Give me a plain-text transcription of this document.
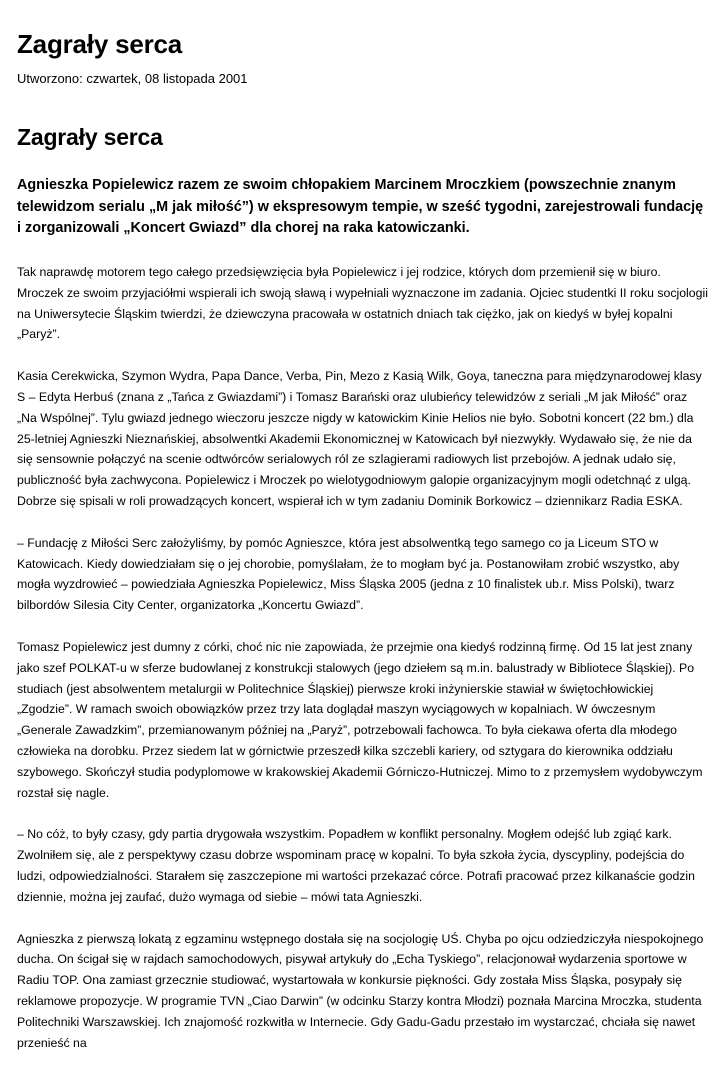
Zagrały serca

Utworzono: czwartek, 08 listopada 2001

Zagrały serca

Agnieszka Popielewicz razem ze swoim chłopakiem Marcinem Mroczkiem (powszechnie znanym telewidzom serialu „M jak miłość”) w ekspresowym tempie, w sześć tygodni, zarejestrowali fundację i zorganizowali „Koncert Gwiazd” dla chorej na raka katowiczanki.

Tak naprawdę motorem tego całego przedsięwzięcia była Popielewicz i jej rodzice, których dom przemienił się w biuro. Mroczek ze swoim przyjaciółmi wspierali ich swoją sławą i wypełniali wyznaczone im zadania. Ojciec studentki II roku socjologii na Uniwersytecie Śląskim twierdzi, że dziewczyna pracowała w ostatnich dniach tak ciężko, jak on kiedyś w byłej kopalni „Paryż”.

Kasia Cerekwicka, Szymon Wydra, Papa Dance, Verba, Pin, Mezo z Kasią Wilk, Goya, taneczna para międzynarodowej klasy S – Edyta Herbuś (znana z „Tańca z Gwiazdami”) i Tomasz Barański oraz ulubieńcy telewidzów z seriali „M jak Miłość” oraz „Na Wspólnej”. Tylu gwiazd jednego wieczoru jeszcze nigdy w katowickim Kinie Helios nie było. Sobotni koncert (22 bm.) dla 25-letniej Agnieszki Nieznańskiej, absolwentki Akademii Ekonomicznej w Katowicach był niezwykły. Wydawało się, że nie da się sensownie połączyć na scenie odtwórców serialowych ról ze szlagierami radiowych list przebojów. A jednak udało się, publiczność była zachwycona. Popielewicz i Mroczek po wielotygodniowym galopie organizacyjnym mogli odetchnąć z ulgą. Dobrze się spisali w roli prowadzących koncert, wspierał ich w tym zadaniu Dominik Borkowicz – dziennikarz Radia ESKA.

– Fundację z Miłości Serc założyliśmy, by pomóc Agnieszce, która jest absolwentką tego samego co ja Liceum STO w Katowicach. Kiedy dowiedziałam się o jej chorobie, pomyślałam, że to mogłam być ja. Postanowiłam zrobić wszystko, aby mogła wyzdrowieć – powiedziała Agnieszka Popielewicz, Miss Śląska 2005 (jedna z 10 finalistek ub.r. Miss Polski), twarz bilbordów Silesia City Center, organizatorka „Koncertu Gwiazd”.

Tomasz Popielewicz jest dumny z córki, choć nic nie zapowiada, że przejmie ona kiedyś rodzinną firmę. Od 15 lat jest znany jako szef POLKAT-u w sferze budowlanej z konstrukcji stalowych (jego dziełem są m.in. balustrady w Bibliotece Śląskiej). Po studiach (jest absolwentem metalurgii w Politechnice Śląskiej) pierwsze kroki inżynierskie stawiał w świętochłowickiej „Zgodzie”. W ramach swoich obowiązków przez trzy lata doglądał maszyn wyciągowych w kopalniach. W ówczesnym „Generale Zawadzkim”, przemianowanym później na „Paryż”, potrzebowali fachowca. To była ciekawa oferta dla młodego człowieka na dorobku. Przez siedem lat w górnictwie przeszedł kilka szczebli kariery, od sztygara do kierownika oddziału szybowego. Skończył studia podyplomowe w krakowskiej Akademii Górniczo-Hutniczej. Mimo to z przemysłem wydobywczym rozstał się nagle.

– No cóż, to były czasy, gdy partia drygowała wszystkim. Popadłem w konflikt personalny. Mogłem odejść lub zgiąć kark. Zwolniłem się, ale z perspektywy czasu dobrze wspominam pracę w kopalni. To była szkoła życia, dyscypliny, podejścia do ludzi, odpowiedzialności. Starałem się zaszczepione mi wartości przekazać córce. Potrafi pracować przez kilkanaście godzin dziennie, można jej zaufać, dużo wymaga od siebie – mówi tata Agnieszki.

Agnieszka z pierwszą lokatą z egzaminu wstępnego dostała się na socjologię UŚ. Chyba po ojcu odziedziczyła niespokojnego ducha. On ścigał się w rajdach samochodowych, pisywał artykuły do „Echa Tyskiego”, relacjonował wydarzenia sportowe w Radiu TOP. Ona zamiast grzecznie studiować, wystartowała w konkursie piękności. Gdy została Miss Śląska, posypały się reklamowe propozycje. W programie TVN „Ciao Darwin” (w odcinku Starzy kontra Młodzi) poznała Marcina Mroczka, studenta Politechniki Warszawskiej. Ich znajomość rozkwitła w Internecie. Gdy Gadu-Gadu przestało im wystarczać, chciała się nawet przenieść na
